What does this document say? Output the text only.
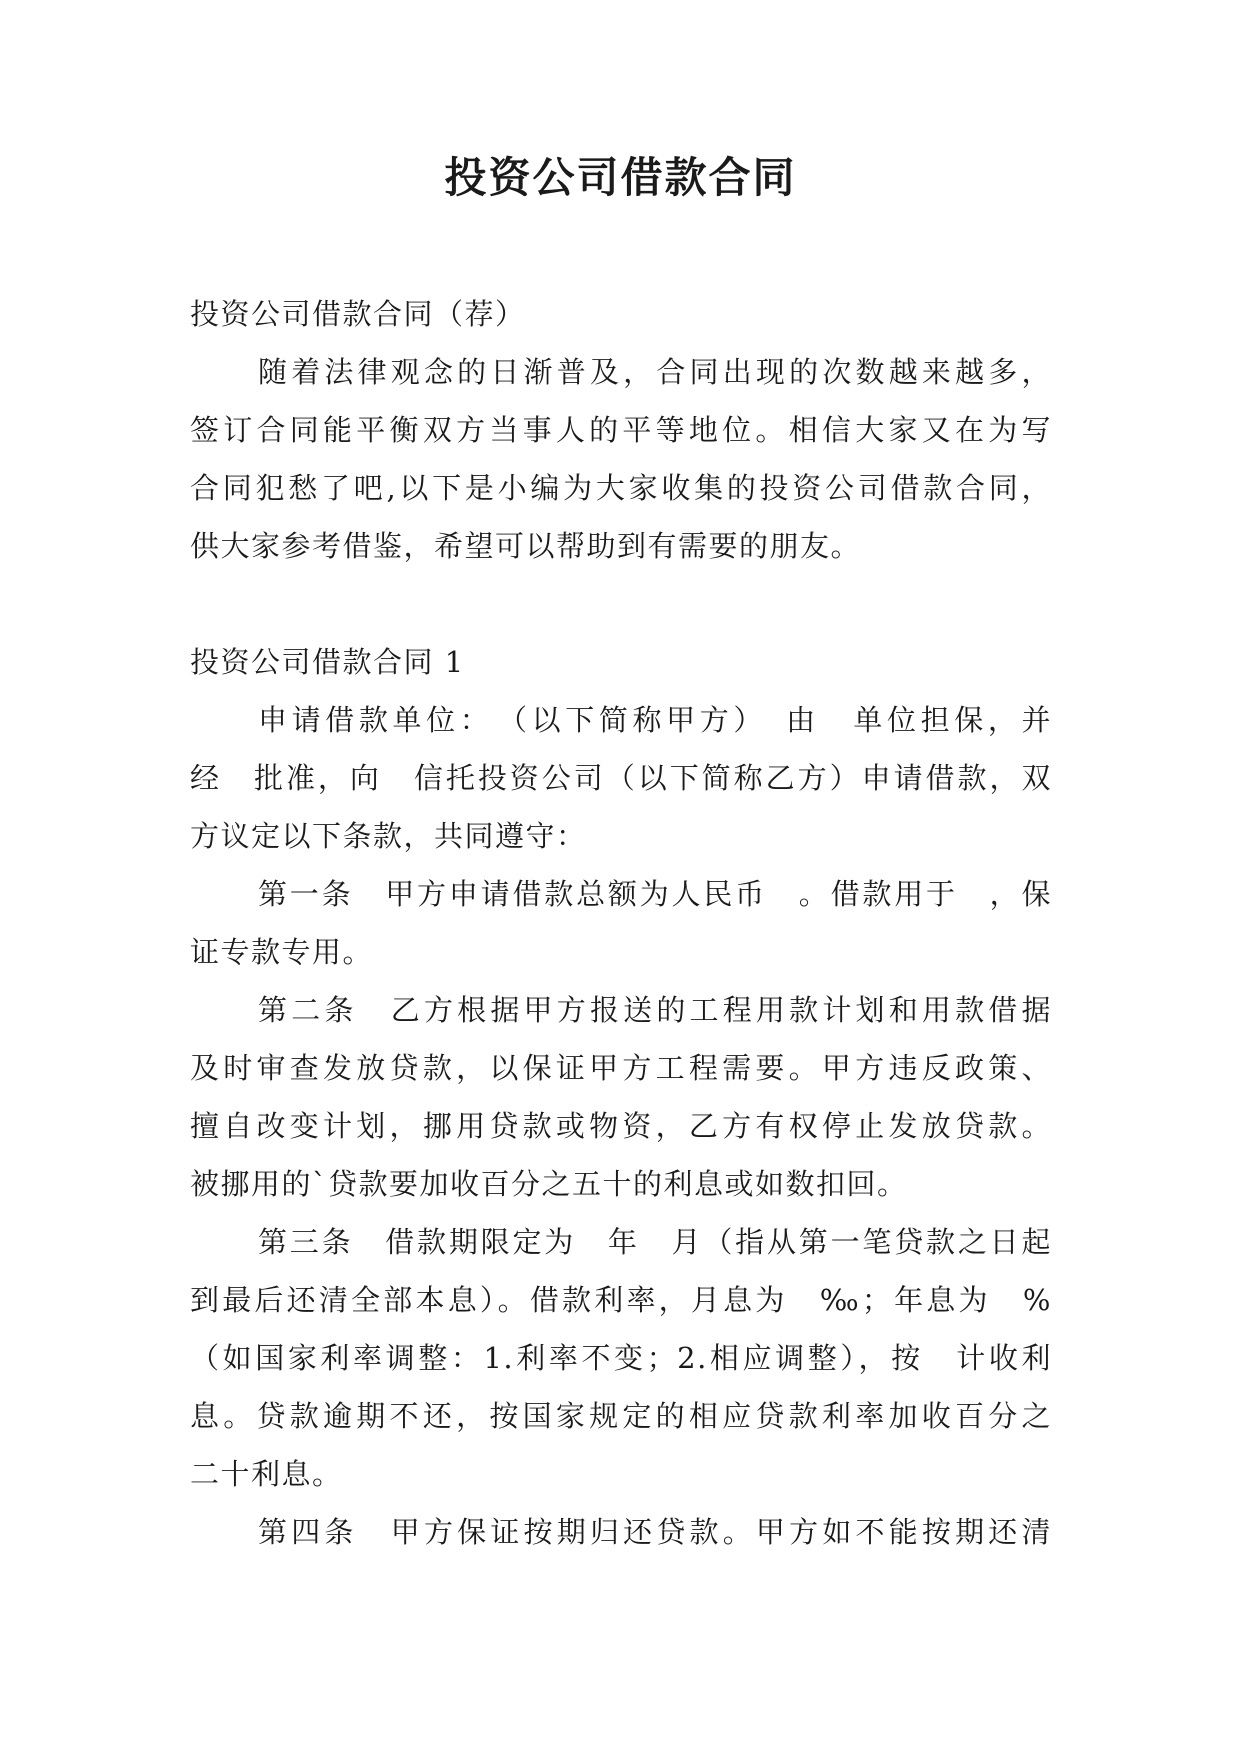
投资公司借款合同
投资公司借款合同（荐）
随着法律观念的日渐普及，合同出现的次数越来越多，
签订合同能平衡双方当事人的平等地位。相信大家又在为写
合同犯愁了吧,以下是小编为大家收集的投资公司借款合同，
供大家参考借鉴，希望可以帮助到有需要的朋友。
投资公司借款合同 1
申请借款单位：　（以下简称甲方）　由　单位担保，并
经　批准，向　信托投资公司（以下简称乙方）申请借款，双
方议定以下条款，共同遵守：
第一条　甲方申请借款总额为人民币　。借款用于　，保
证专款专用。
第二条　乙方根据甲方报送的工程用款计划和用款借据
及时审查发放贷款，以保证甲方工程需要。甲方违反政策、
擅自改变计划，挪用贷款或物资，乙方有权停止发放贷款。
被挪用的`贷款要加收百分之五十的利息或如数扣回。
第三条　借款期限定为　年　月（指从第一笔贷款之日起
到最后还清全部本息）。借款利率，月息为　‰；年息为　%
（如国家利率调整：1.利率不变；2.相应调整），按　计收利
息。贷款逾期不还，按国家规定的相应贷款利率加收百分之
二十利息。
第四条　甲方保证按期归还贷款。甲方如不能按期还清
